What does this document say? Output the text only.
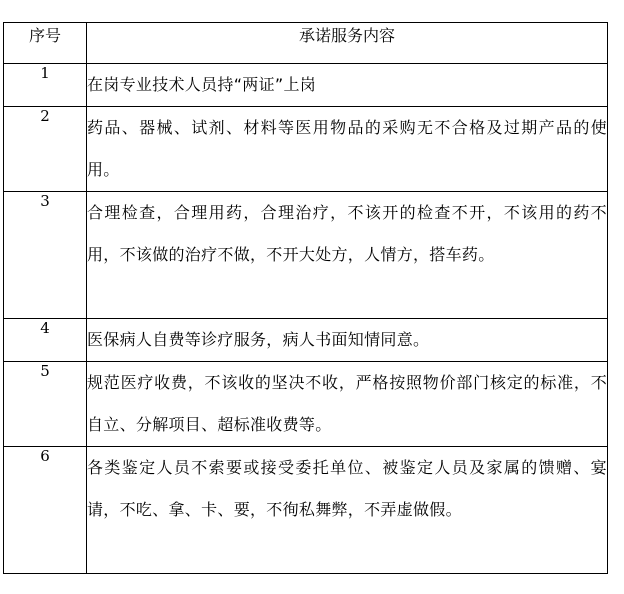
序号	承诺服务内容
1	在岗专业技术人员持“两证”上岗
2	药品、器械、试剂、材料等医用物品的采购无不合格及过期产品的使用。
3	合理检查，合理用药，合理治疗，不该开的检查不开，不该用的药不用，不该做的治疗不做，不开大处方，人情方，搭车药。
4	医保病人自费等诊疗服务，病人书面知情同意。
5	规范医疗收费，不该收的坚决不收，严格按照物价部门核定的标准，不自立、分解项目、超标准收费等。
6	各类鉴定人员不索要或接受委托单位、被鉴定人员及家属的馈赠、宴请，不吃、拿、卡、要，不徇私舞弊，不弄虚做假。
